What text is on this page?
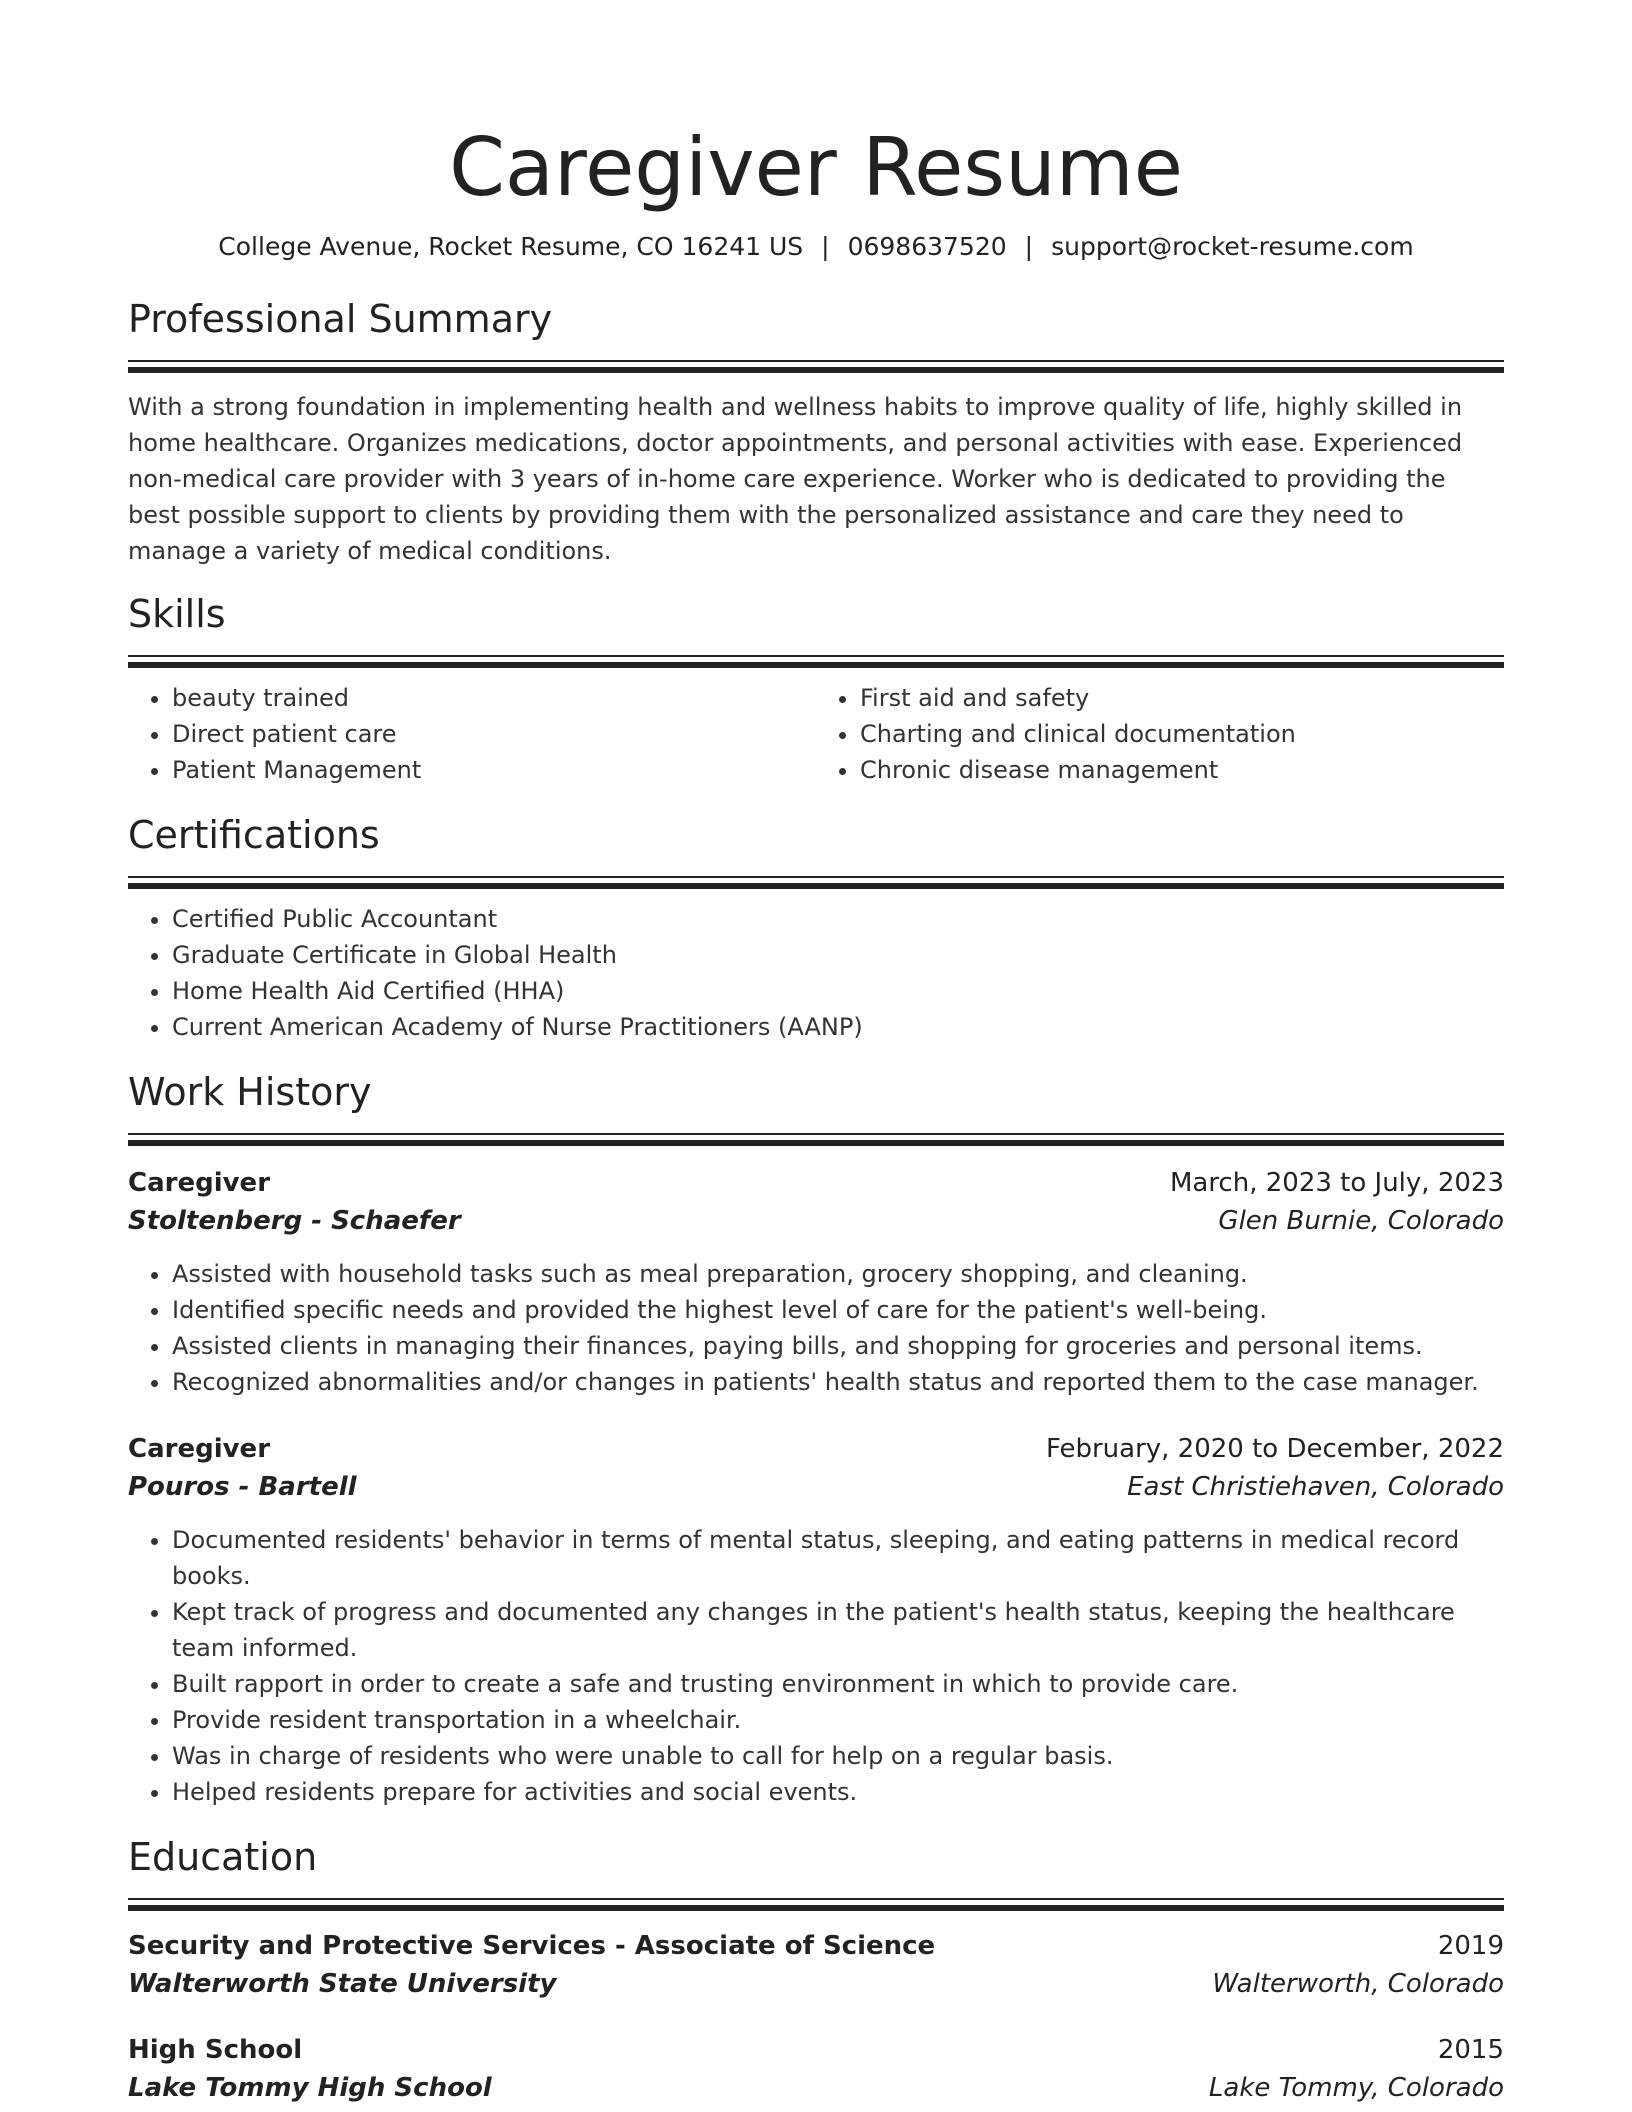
Caregiver Resume
College Avenue, Rocket Resume, CO 16241 US | 0698637520 | support@rocket-resume.com
Professional Summary
With a strong foundation in implementing health and wellness habits to improve quality of life, highly skilled in home healthcare. Organizes medications, doctor appointments, and personal activities with ease. Experienced non-medical care provider with 3 years of in-home care experience. Worker who is dedicated to providing the best possible support to clients by providing them with the personalized assistance and care they need to manage a variety of medical conditions.
Skills
• beauty trained
• Direct patient care
• Patient Management
• First aid and safety
• Charting and clinical documentation
• Chronic disease management
Certifications
• Certified Public Accountant
• Graduate Certificate in Global Health
• Home Health Aid Certified (HHA)
• Current American Academy of Nurse Practitioners (AANP)
Work History
Caregiver	March, 2023 to July, 2023
Stoltenberg - Schaefer	Glen Burnie, Colorado
• Assisted with household tasks such as meal preparation, grocery shopping, and cleaning.
• Identified specific needs and provided the highest level of care for the patient's well-being.
• Assisted clients in managing their finances, paying bills, and shopping for groceries and personal items.
• Recognized abnormalities and/or changes in patients' health status and reported them to the case manager.
Caregiver	February, 2020 to December, 2022
Pouros - Bartell	East Christiehaven, Colorado
• Documented residents' behavior in terms of mental status, sleeping, and eating patterns in medical record books.
• Kept track of progress and documented any changes in the patient's health status, keeping the healthcare team informed.
• Built rapport in order to create a safe and trusting environment in which to provide care.
• Provide resident transportation in a wheelchair.
• Was in charge of residents who were unable to call for help on a regular basis.
• Helped residents prepare for activities and social events.
Education
Security and Protective Services - Associate of Science	2019
Walterworth State University	Walterworth, Colorado
High School	2015
Lake Tommy High School	Lake Tommy, Colorado
